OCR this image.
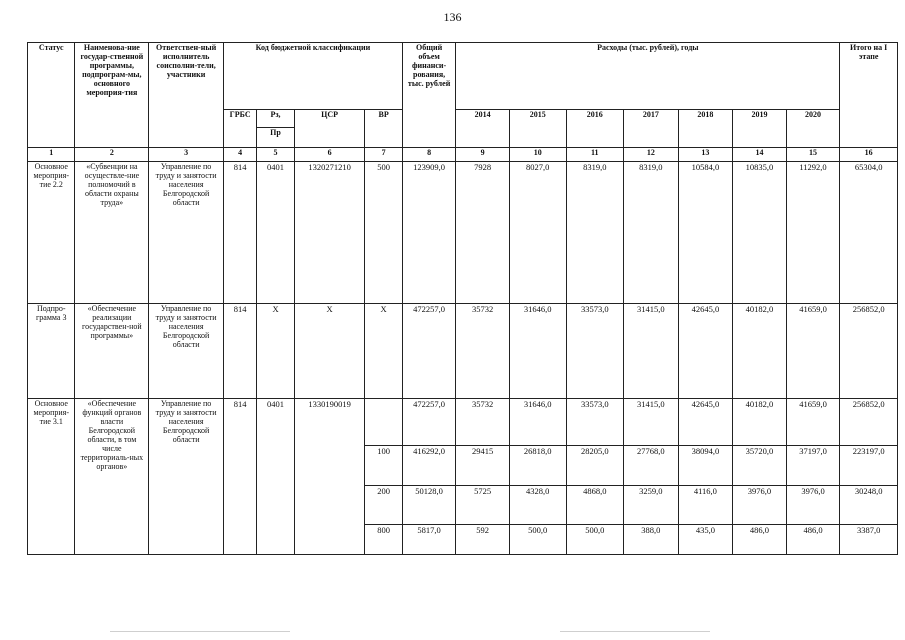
136
Статус	Наименова-ние государ-ственной программы, подпрограм-мы, основного мероприя-тия	Ответствен-ный исполнитель соисполни-тели, участники	Код бюджетной классификации				Общий объем финанси-рования, тыс. рублей	Расходы (тыс. рублей), годы							Итого на I этапе
			ГРБС	Рз,	ЦСР	ВР		2014	2015	2016	2017	2018	2019	2020	
				Пр											
1	2	3	4	5	6	7	8	9	10	11	12	13	14	15	16
Основное мероприя-тие 2.2	«Субвенции на осуществле-ние полномочий в области охраны труда»	Управление по труду и занятости населения Белгородской области	814	0401	1320271210	500	123909,0	7928	8027,0	8319,0	8319,0	10584,0	10835,0	11292,0	65304,0
Подпро-грамма 3	«Обеспечение реализации государствен-ной программы»	Управление по труду и занятости населения Белгородской области	814	X	X	X	472257,0	35732	31646,0	33573,0	31415,0	42645,0	40182,0	41659,0	256852,0
Основное мероприя-тие 3.1	«Обеспечение функций органов власти Белгородской области, в том числе территориаль-ных органов»	Управление по труду и занятости населения Белгородской области	814	0401	1330190019		472257,0	35732	31646,0	33573,0	31415,0	42645,0	40182,0	41659,0	256852,0
						100	416292,0	29415	26818,0	28205,0	27768,0	38094,0	35720,0	37197,0	223197,0
						200	50128,0	5725	4328,0	4868,0	3259,0	4116,0	3976,0	3976,0	30248,0
						800	5817,0	592	500,0	500,0	388,0	435,0	486,0	486,0	3387,0
